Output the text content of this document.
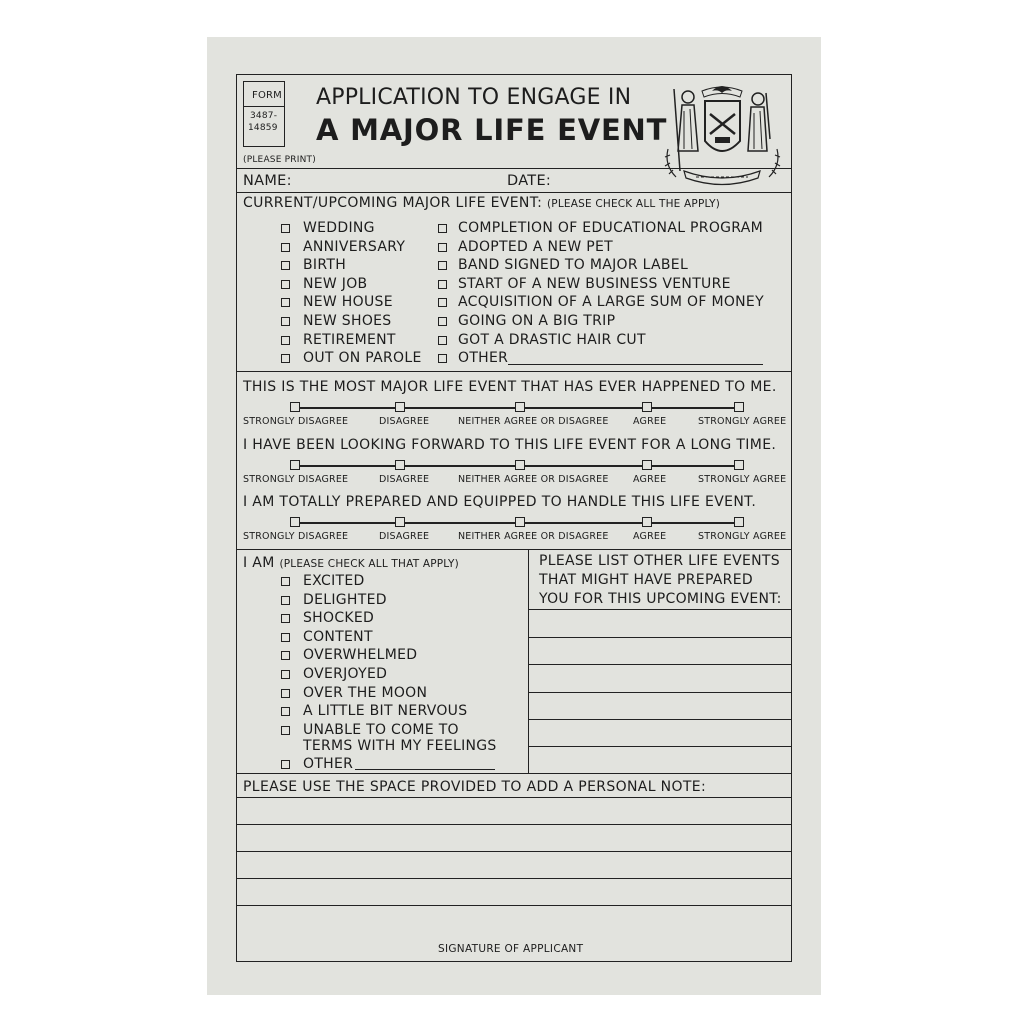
FORM
3487-
14859
APPLICATION TO ENGAGE IN
A MAJOR LIFE EVENT
(PLEASE PRINT)
NAME:	DATE:
CURRENT/UPCOMING MAJOR LIFE EVENT: (PLEASE CHECK ALL THE APPLY)
WEDDING
ANNIVERSARY
BIRTH
NEW JOB
NEW HOUSE
NEW SHOES
RETIREMENT
OUT ON PAROLE
COMPLETION OF EDUCATIONAL PROGRAM
ADOPTED A NEW PET
BAND SIGNED TO MAJOR LABEL
START OF A NEW BUSINESS VENTURE
ACQUISITION OF A LARGE SUM OF MONEY
GOING ON A BIG TRIP
GOT A DRASTIC HAIR CUT
OTHER
THIS IS THE MOST MAJOR LIFE EVENT THAT HAS EVER HAPPENED TO ME.
STRONGLY DISAGREE	DISAGREE	NEITHER AGREE OR DISAGREE	AGREE	STRONGLY AGREE
I HAVE BEEN LOOKING FORWARD TO THIS LIFE EVENT FOR A LONG TIME.
STRONGLY DISAGREE	DISAGREE	NEITHER AGREE OR DISAGREE	AGREE	STRONGLY AGREE
I AM TOTALLY PREPARED AND EQUIPPED TO HANDLE THIS LIFE EVENT.
STRONGLY DISAGREE	DISAGREE	NEITHER AGREE OR DISAGREE	AGREE	STRONGLY AGREE
I AM (PLEASE CHECK ALL THAT APPLY)
EXCITED
DELIGHTED
SHOCKED
CONTENT
OVERWHELMED
OVERJOYED
OVER THE MOON
A LITTLE BIT NERVOUS
UNABLE TO COME TO
OTHER
TERMS WITH MY FEELINGS
PLEASE LIST OTHER LIFE EVENTS
THAT MIGHT HAVE PREPARED
YOU FOR THIS UPCOMING EVENT:
PLEASE USE THE SPACE PROVIDED TO ADD A PERSONAL NOTE:
SIGNATURE OF APPLICANT
